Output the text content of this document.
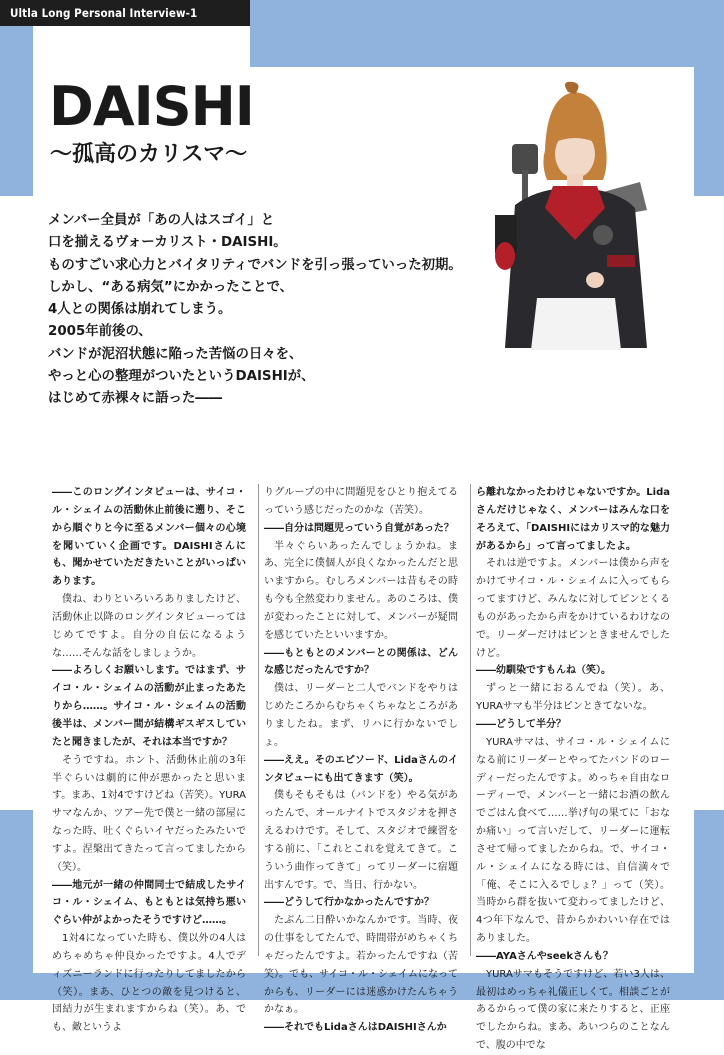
Ultla Long Personal Interview-1
DAISHI
〜孤高のカリスマ〜
メンバー全員が「あの人はスゴイ」と
口を揃えるヴォーカリスト・DAISHI。
ものすごい求心力とバイタリティでバンドを引っ張っていった初期。
しかし、“ある病気”にかかったことで、
4人との関係は崩れてしまう。
2005年前後の、
バンドが泥沼状態に陥った苦悩の日々を、
やっと心の整理がついたというDAISHIが、
はじめて赤裸々に語った――

――このロングインタビューは、サイコ・ル・シェイムの活動休止前後に遡り、そこから順ぐりと今に至るメンバー個々の心境を聞いていく企画です。DAISHIさんにも、聞かせていただきたいことがいっぱいあります。

僕ね、わりといろいろありましたけど、活動休止以降のロングインタビューってはじめてですよ。自分の自伝になるような……そんな話をしましょうか。

――よろしくお願いします。ではまず、サイコ・ル・シェイムの活動が止まったあたりから……。サイコ・ル・シェイムの活動後半は、メンバー間が結構ギスギスしていたと聞きましたが、それは本当ですか？

そうですね。ホント、活動休止前の3年半ぐらいは劇的に仲が悪かったと思います。まあ、1対4ですけどね（苦笑）。YURAサマなんか、ツアー先で僕と一緒の部屋になった時、吐くぐらいイヤだったみたいですよ。涅槃出てきたって言ってましたから（笑）。

――地元が一緒の仲間同士で結成したサイコ・ル・シェイム、もともとは気持ち悪いぐらい仲がよかったそうですけど……。

1対4になっていた時も、僕以外の4人はめちゃめちゃ仲良かったですよ。4人でディズニーランドに行ったりしてましたから（笑）。まあ、ひとつの敵を見つけると、団結力が生まれますからね（笑）。あ、でも、敵というよ

りグループの中に問題児をひとり抱えてるっていう感じだったのかな（苦笑）。

――自分は問題児っていう自覚があった？

半々ぐらいあったんでしょうかね。まあ、完全に僕個人が良くなかったんだと思いますから。むしろメンバーは昔もその時も今も全然変わりません。あのころは、僕が変わったことに対して、メンバーが疑問を感じていたといいますか。

――もともとのメンバーとの関係は、どんな感じだったんですか？

僕は、リーダーと二人でバンドをやりはじめたころからむちゃくちゃなところがありましたね。まず、リハに行かないでしょ。

――ええ。そのエピソード、Lidaさんのインタビューにも出てきます（笑）。

僕もそもそもは（バンドを）やる気があったんで、オールナイトでスタジオを押さえるわけです。そして、スタジオで練習をする前に、「これとこれを覚えてきて。こういう曲作ってきて」ってリーダーに宿題出すんです。で、当日、行かない。

――どうして行かなかったんですか？

たぶん二日酔いかなんかです。当時、夜の仕事をしてたんで、時間帯がめちゃくちゃだったんですよ。若かったんですね（苦笑）。でも、サイコ・ル・シェイムになってからも、リーダーには迷惑かけたんちゃうかなぁ。

――それでもLidaさんはDAISHIさんか

ら離れなかったわけじゃないですか。Lidaさんだけじゃなく、メンバーはみんな口をそろえて、「DAISHIにはカリスマ的な魅力があるから」って言ってましたよ。

それは逆ですよ。メンバーは僕から声をかけてサイコ・ル・シェイムに入ってもらってますけど、みんなに対してピンとくるものがあったから声をかけているわけなので。リーダーだけはピンときませんでしたけど。

――幼馴染ですもんね（笑）。

ずっと一緒におるんでね（笑）。あ、YURAサマも半分はピンときてないな。

――どうして半分？

YURAサマは、サイコ・ル・シェイムになる前にリーダーとやってたバンドのローディーだったんですよ。めっちゃ自由なローディーで、メンバーと一緒にお酒の飲んでごはん食べて……挙げ句の果てに「おなか痛い」って言いだして、リーダーに運転させて帰ってましたからね。で、サイコ・ル・シェイムになる時には、自信満々で「俺、そこに入るでしょ？」って（笑）。当時から群を抜いて変わってましたけど、4つ年下なんで、昔からかわいい存在ではありました。

――AYAさんやseekさんも？

YURAサマもそうですけど、若い3人は、最初はめっちゃ礼儀正しくて。相談ごとがあるからって僕の家に来たりすると、正座でしたからね。まあ、あいつらのことなんで、腹の中でな
